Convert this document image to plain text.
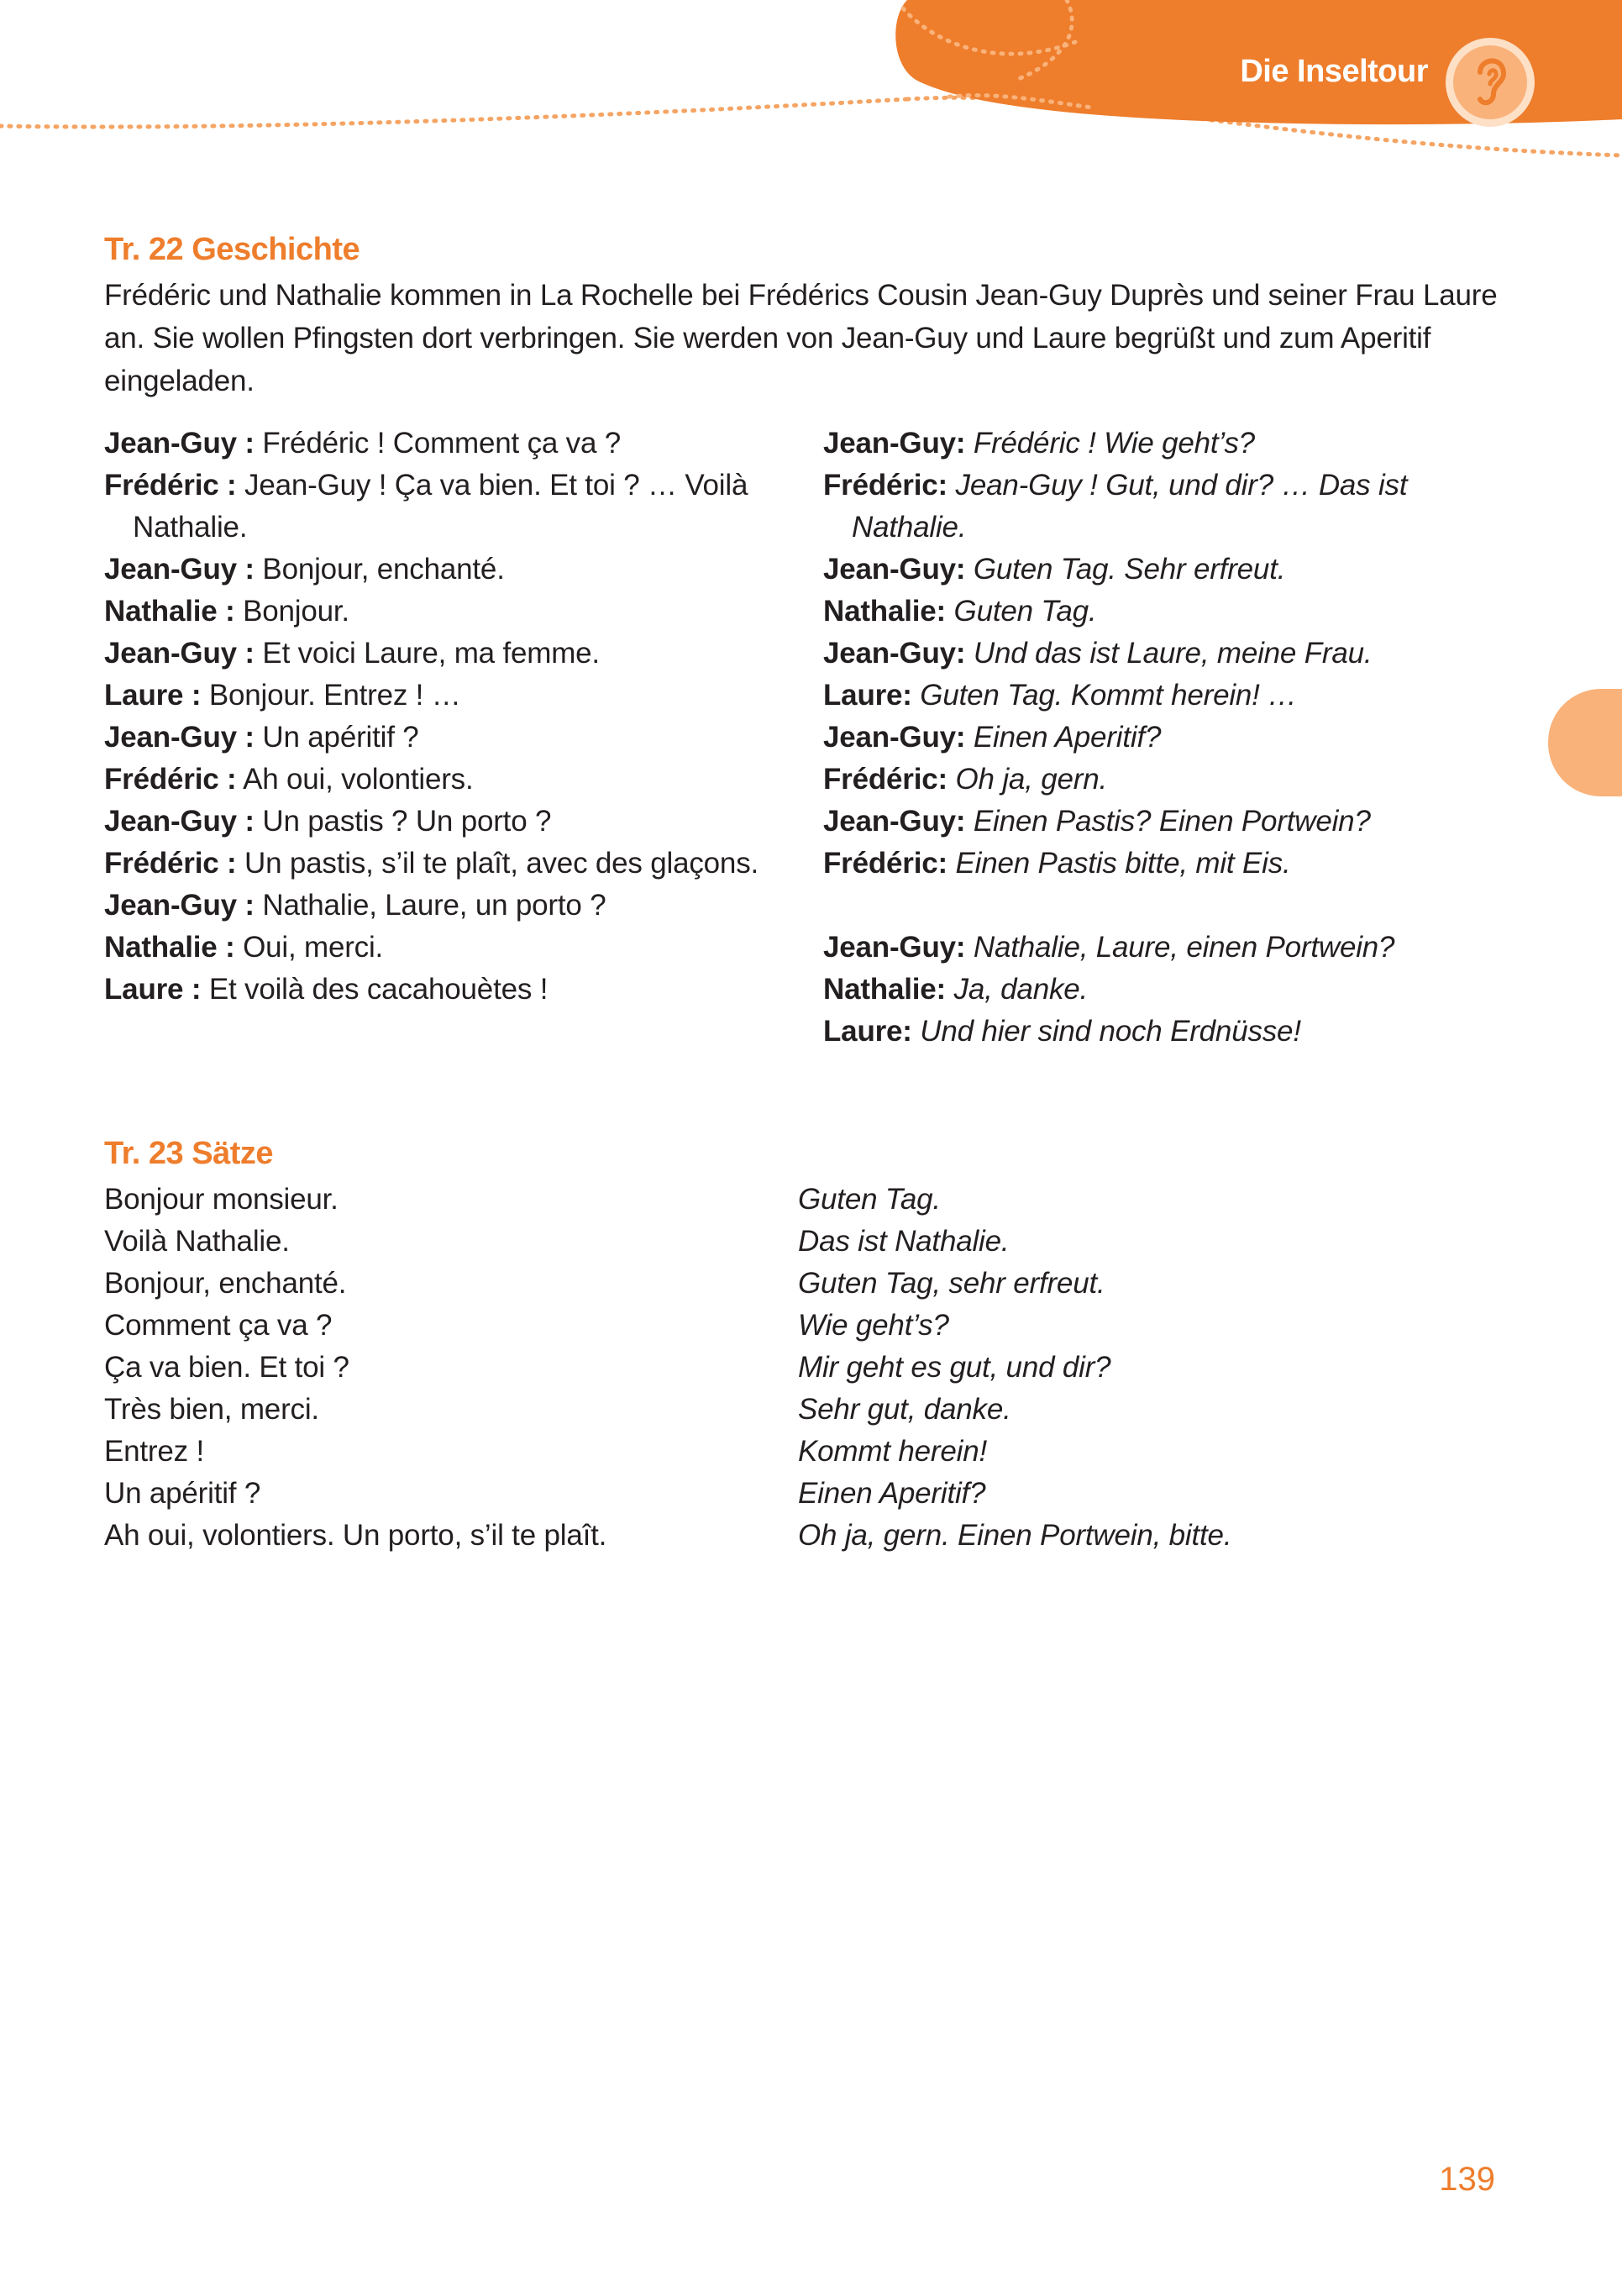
Die Inseltour
Tr. 22 Geschichte
Frédéric und Nathalie kommen in La Rochelle bei Frédérics Cousin Jean-Guy Duprès und seiner Frau Laure an. Sie wollen Pfingsten dort verbringen. Sie werden von Jean-Guy und Laure begrüßt und zum Aperitif eingeladen.

Jean-Guy : Frédéric ! Comment ça va ?

Frédéric : Jean-Guy ! Ça va bien. Et toi ? … Voilà Nathalie.

Jean-Guy : Bonjour, enchanté.

Nathalie : Bonjour.

Jean-Guy : Et voici Laure, ma femme.

Laure : Bonjour. Entrez ! …

Jean-Guy : Un apéritif ?

Frédéric : Ah oui, volontiers.

Jean-Guy : Un pastis ? Un porto ?

Frédéric : Un pastis, s’il te plaît, avec des glaçons.

Jean-Guy : Nathalie, Laure, un porto ?

Nathalie : Oui, merci.

Laure : Et voilà des cacahouètes !

Jean-Guy: Frédéric ! Wie geht’s?

Frédéric: Jean-Guy ! Gut, und dir? … Das ist Nathalie.

Jean-Guy: Guten Tag. Sehr erfreut.

Nathalie: Guten Tag.

Jean-Guy: Und das ist Laure, meine Frau.

Laure: Guten Tag. Kommt herein! …

Jean-Guy: Einen Aperitif?

Frédéric: Oh ja, gern.

Jean-Guy: Einen Pastis? Einen Portwein?

Frédéric: Einen Pastis bitte, mit Eis.

Jean-Guy: Nathalie, Laure, einen Portwein?

Nathalie: Ja, danke.

Laure: Und hier sind noch Erdnüsse!

Tr. 23 Sätze

Bonjour monsieur.

Voilà Nathalie.

Bonjour, enchanté.

Comment ça va ?

Ça va bien. Et toi ?

Très bien, merci.

Entrez !

Un apéritif ?

Ah oui, volontiers. Un porto, s’il te plaît.

Guten Tag.

Das ist Nathalie.

Guten Tag, sehr erfreut.

Wie geht’s?

Mir geht es gut, und dir?

Sehr gut, danke.

Kommt herein!

Einen Aperitif?

Oh ja, gern. Einen Portwein, bitte.

139
